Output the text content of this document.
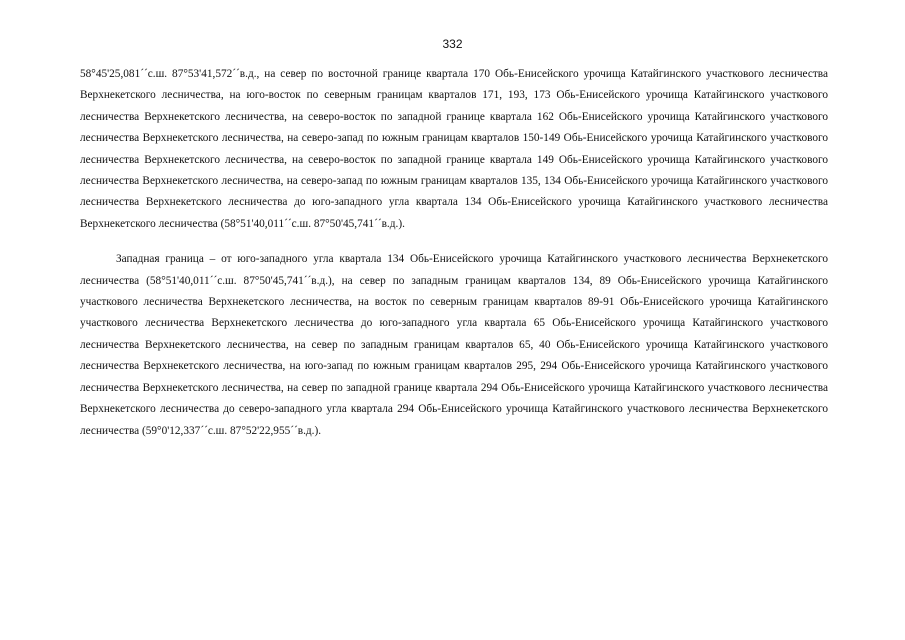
332

58°45'25,081´´с.ш. 87°53'41,572´´в.д., на север по восточной границе квартала 170 Обь-Енисейского урочища Катайгинского участкового лесничества Верхнекетского лесничества, на юго-восток по северным границам кварталов 171, 193, 173 Обь-Енисейского урочища Катайгинского участкового лесничества Верхнекетского лесничества, на северо-восток по западной границе квартала 162 Обь-Енисейского урочища Катайгинского участкового лесничества Верхнекетского лесничества, на северо-запад по южным границам кварталов 150-149 Обь-Енисейского урочища Катайгинского участкового лесничества Верхнекетского лесничества, на северо-восток по западной границе квартала 149 Обь-Енисейского урочища Катайгинского участкового лесничества Верхнекетского лесничества, на северо-запад по южным границам кварталов 135, 134 Обь-Енисейского урочища Катайгинского участкового лесничества Верхнекетского лесничества до юго-западного угла квартала 134 Обь-Енисейского урочища Катайгинского участкового лесничества Верхнекетского лесничества (58°51'40,011´´с.ш. 87°50'45,741´´в.д.).

Западная граница – от юго-западного угла квартала 134 Обь-Енисейского урочища Катайгинского участкового лесничества Верхнекетского лесничества (58°51'40,011´´с.ш. 87°50'45,741´´в.д.), на север по западным границам кварталов 134, 89 Обь-Енисейского урочища Катайгинского участкового лесничества Верхнекетского лесничества, на восток по северным границам кварталов 89-91 Обь-Енисейского урочища Катайгинского участкового лесничества Верхнекетского лесничества до юго-западного угла квартала 65 Обь-Енисейского урочища Катайгинского участкового лесничества Верхнекетского лесничества, на север по западным границам кварталов 65, 40 Обь-Енисейского урочища Катайгинского участкового лесничества Верхнекетского лесничества, на юго-запад по южным границам кварталов 295, 294 Обь-Енисейского урочища Катайгинского участкового лесничества Верхнекетского лесничества, на север по западной границе квартала 294 Обь-Енисейского урочища Катайгинского участкового лесничества Верхнекетского лесничества до северо-западного угла квартала 294 Обь-Енисейского урочища Катайгинского участкового лесничества Верхнекетского лесничества (59°0'12,337´´с.ш. 87°52'22,955´´в.д.).
